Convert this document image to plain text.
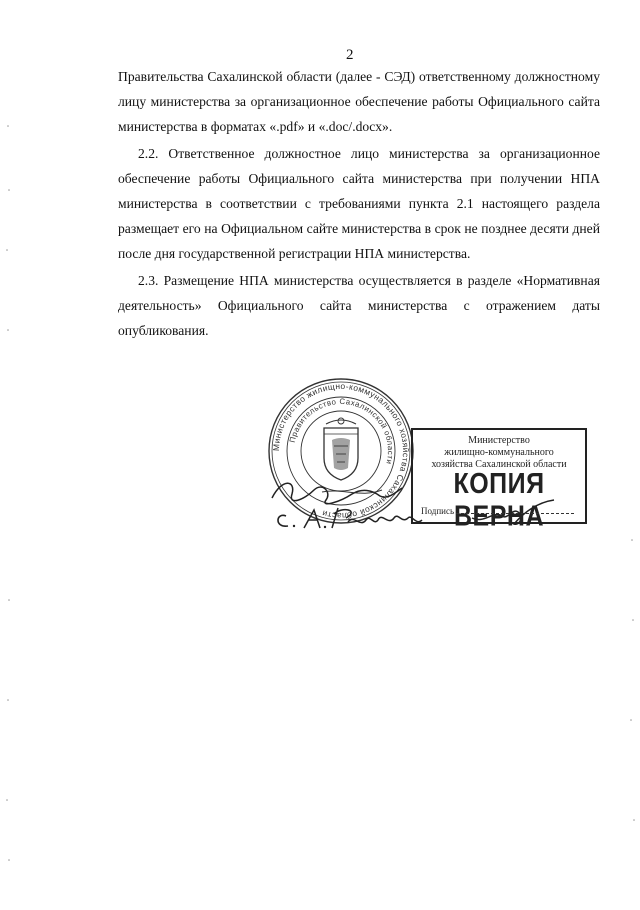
2

Правительства Сахалинской области (далее - СЭД) ответственному должностному лицу министерства за организационное обеспечение работы Официального сайта министерства в форматах «.pdf» и «.doc/.docx».

2.2. Ответственное должностное лицо министерства за организационное обеспечение работы Официального сайта министерства при получении НПА министерства в соответствии с требованиями пункта 2.1 настоящего раздела размещает его на Официальном сайте министерства в срок не позднее десяти дней после дня государственной регистрации НПА министерства.

2.3. Размещение НПА министерства осуществляется в разделе «Нормативная деятельность» Официального сайта министерства с отражением даты опубликования.

Министерство жилищно-коммунального хозяйства Сахалинской области
Правительство Сахалинской области
Министерство
жилищно-коммунального
хозяйства Сахалинской области
КОПИЯ ВЕРНА
Подпись
